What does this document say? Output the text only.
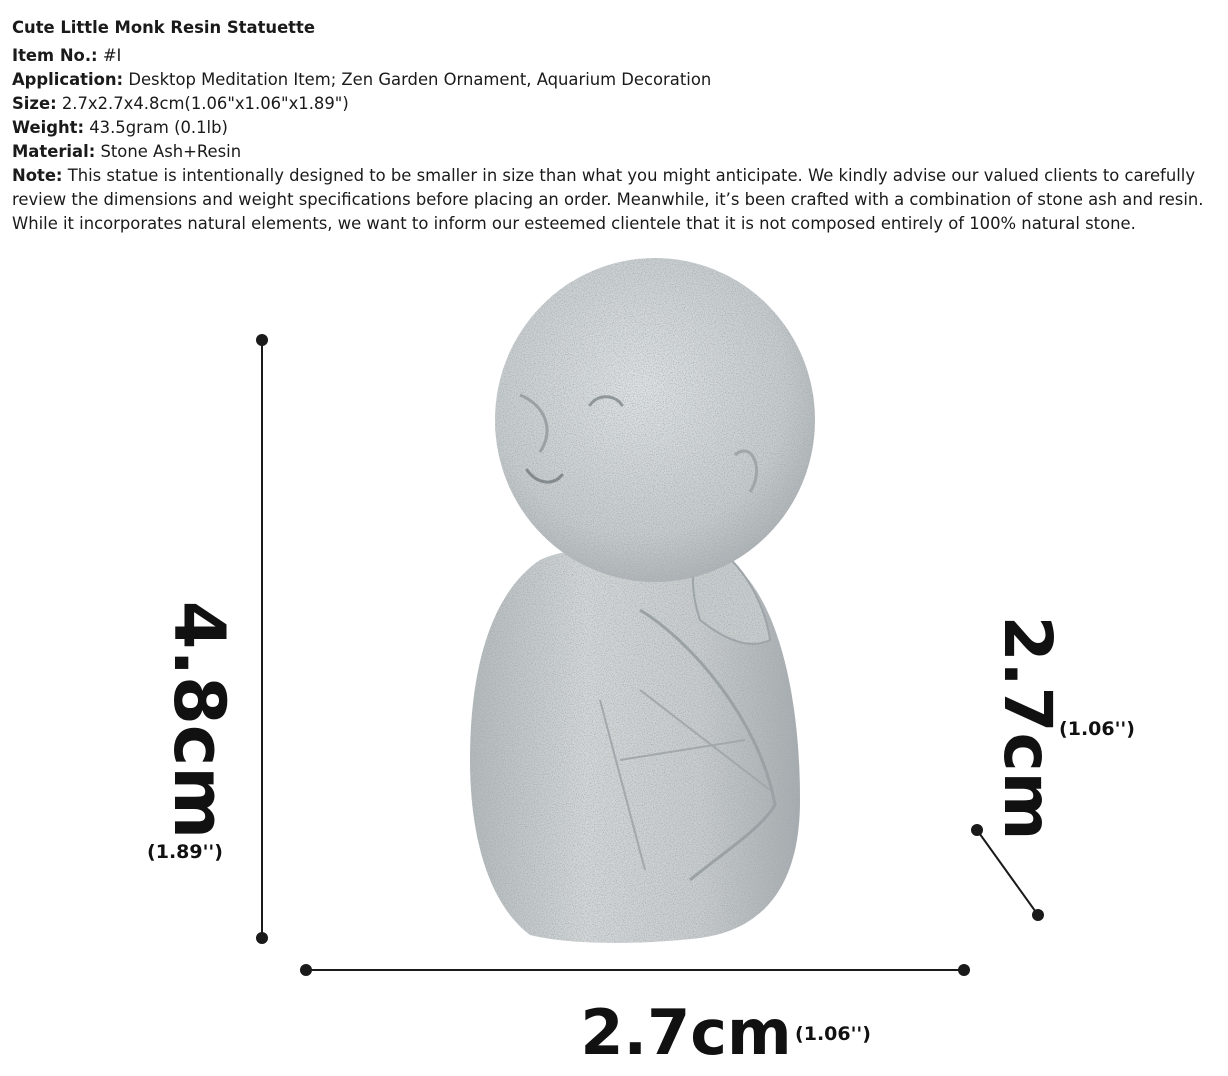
Cute Little Monk Resin Statuette
Item No.: #I
Application: Desktop Meditation Item; Zen Garden Ornament, Aquarium Decoration
Size: 2.7x2.7x4.8cm(1.06"x1.06"x1.89")
Weight: 43.5gram (0.1lb)
Material: Stone Ash+Resin
Note: This statue is intentionally designed to be smaller in size than what you might anticipate. We kindly advise our valued clients to carefully review the dimensions and weight specifications before placing an order. Meanwhile, it’s been crafted with a combination of stone ash and resin. While it incorporates natural elements, we want to inform our esteemed clientele that it is not composed entirely of 100% natural stone.
4.8cm
(1.89'')
2.7cm
(1.06'')
2.7cm (1.06'')
